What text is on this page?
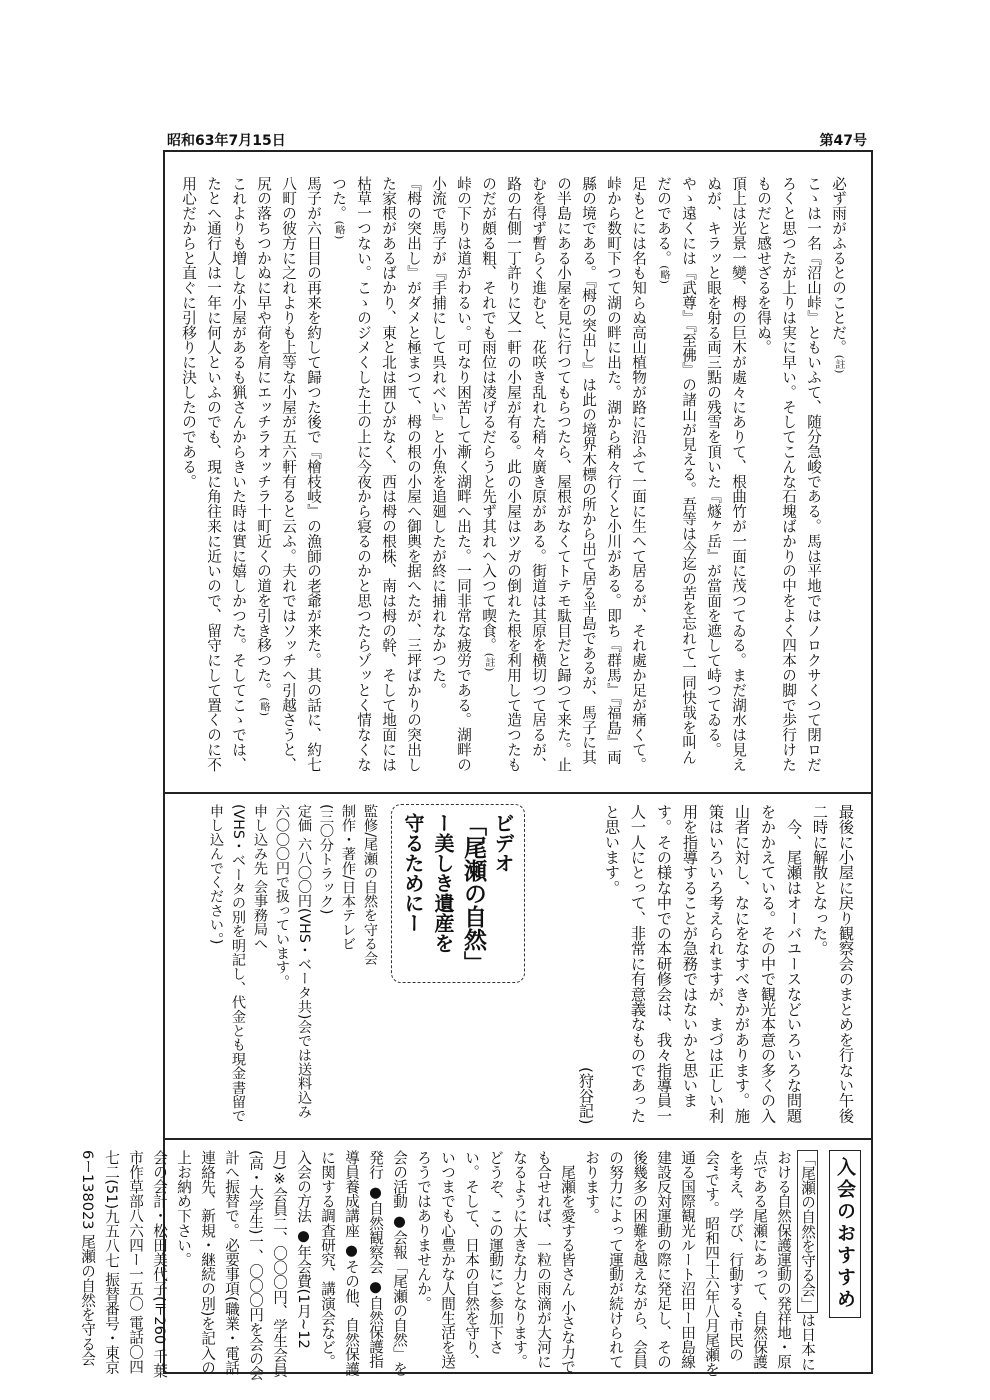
昭和63年7月15日	第47号

必ず雨がふるとのことだ。(註)

こゝは一名『沼山峠』ともいふて、随分急峻である。馬は平地ではノロクサくつて閉ロだろくと思つたが上りは実に早い。そしてこんな石塊ばかりの中をよく四本の脚で歩行けたものだと感せざるを得ぬ。

頂上は光景一變、栂の巨木が處々にありて、根曲竹が一面に茂つてゐる。まだ湖水は見えぬが、キラッと眼を射る両三點の残雪を頂いた『燧ヶ岳』が當面を遮して峙つてゐる。やゝ遠くには『武尊』『至佛』の諸山が見える。吾等は今迄の苦を忘れて一同快哉を叫んだのである。(略)

足もとには名も知らぬ高山植物が路に沿ふて一面に生へて居るが、それ處か足が痛くて。峠から数町下つて湖の畔に出た。湖から稍々行くと小川がある。即ち『群馬』『福島』両縣の境である。『栂の突出し』は此の境界木標の所から出て居る半島であるが、馬子に其の半島にある小屋を見に行つてもらつたら、屋根がなくてトテモ駄目だと歸つて来た。止むを得ず暫らく進むと、花咲き乱れた稍々廣き原がある。街道は其原を横切つて居るが、路の右側一丁許りに又一軒の小屋が有る。此の小屋はツガの倒れた根を利用して造つたものだが頗る粗、それでも雨位は凌げるだらうと先ず其れへ入つて喫食。(註)

峠の下りは道がわるい。可なり困苦して漸く湖畔へ出た。一同非常な疲労である。湖畔の小流で馬子が『手捕にして呉れべい』と小魚を追廻したが終に捕れなかつた。

『栂の突出し』がダメと極まつて、栂の根の小屋へ御輿を据へたが、三坪ばかりの突出した家根があるばかり、東と北は囲ひがなく、西は栂の根株、南は栂の幹、そして地面には枯草一つない。こゝのジメくした土の上に今夜から寝るのかと思つたらゾッとく情なくなつた。(略)

馬子が六日目の再来を約して歸つた後で『檜枝岐』の漁師の老爺が来た。其の話に、約七八町の彼方に之れよりも上等な小屋が五六軒有ると云ふ。夫れではソッチへ引越さうと、尻の落ちつかぬに早や荷を肩にエッチラオッチラ十町近くの道を引き移つた。(略)

これよりも増しな小屋があるも猟さんからきいた時は實に嬉しかつた。そしてこゝでは、たとへ通行人は一年に何人といふのでも、現に角往来に近いので、留守にして置くのに不用心だからと直ぐに引移りに決したのである。

最後に小屋に戻り観察会のまとめを行ない午後二時に解散となった。

　今、尾瀬はオーバユースなどいろいろな問題をかかえている。その中で観光本意の多くの入山者に対し、なにをなすべきかがあります。施策はいろいろ考えられますが、まづは正しい利用を指導することが急務ではないかと思います。その様な中での本研修会は、我々指導員一人一人にとって、非常に有意義なものであったと思います。
(狩谷記)

ビデオ
「尾瀬の自然」
ー美しき遺産を
守るためにー

監修/尾瀬の自然を守る会

制作・著作/日本テレビ

(三〇分トラック)

定価 六八〇〇円(VHS・ベータ共)会では送料込み

六〇〇〇円で扱っています。

申し込み先 会事務局へ

(VHS・ベータの別を明記し、代金とも現金書留で申し込んでください。)

入会のおすすめ

「尾瀬の自然を守る会」は日本における自然保護運動の発祥地・原点である尾瀬にあって、自然保護を考え、学び、行動する“市民の会”です。昭和四十六年八月尾瀬を通る国際観光ルート沼田ー田島線建設反対運動の際に発足し、その後幾多の困難を越えながら、会員の努力によって運動が続けられております。

　尾瀬を愛する皆さん 小さな力でも合せれば、一粒の雨滴が大河になるように大きな力となります。どうぞ、この運動にご参加下さい。そして、日本の自然を守り、いつまでも心豊かな人間生活を送ろうではありませんか。

会の活動 ●会報「尾瀬の自然」を発行 ●自然観察会 ●自然保護指導員養成講座 ●その他、自然保護に関する調査研究、講演会など。

入会の方法 ●年会費(1月~12月)※会員二、〇〇〇円、学生会員(高・大学生)一、〇〇〇円を会の会計へ振替で。必要事項(職業・電話連絡先、新規・継続の別)を記入の上お納め下さい。

会の会計・松田美代子(〒260 千葉市作草部八六四ー一五〇 電話〇四七二(51)九五八七 振替番号・東京6ー138023 尾瀬の自然を守る会
